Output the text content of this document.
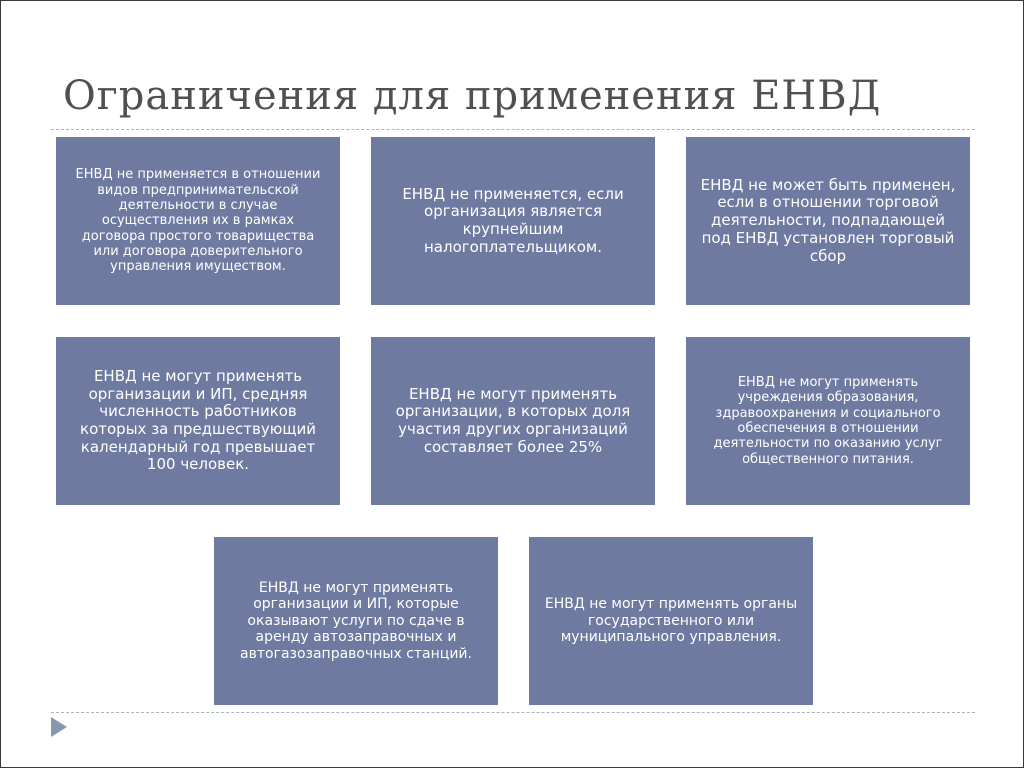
Ограничения для применения ЕНВД
ЕНВД не применяется в отношении видов предпринимательской деятельности в случае осуществления их в рамках договора простого товарищества или договора доверительного управления имуществом.
ЕНВД не применяется, если организация является крупнейшим налогоплательщиком.
ЕНВД не может быть применен, если в отношении торговой деятельности, подпадающей под ЕНВД установлен торговый сбор
ЕНВД не могут применять организации и ИП, средняя численность работников которых за предшествующий календарный год превышает 100 человек.
ЕНВД не могут применять организации, в которых доля участия других организаций составляет более 25%
ЕНВД не могут применять учреждения образования, здравоохранения и социального обеспечения в отношении деятельности по оказанию услуг общественного питания.
ЕНВД не могут применять организации и ИП, которые оказывают услуги по сдаче в аренду автозаправочных и автогазозаправочных станций.
ЕНВД не могут применять органы государственного или муниципального управления.
